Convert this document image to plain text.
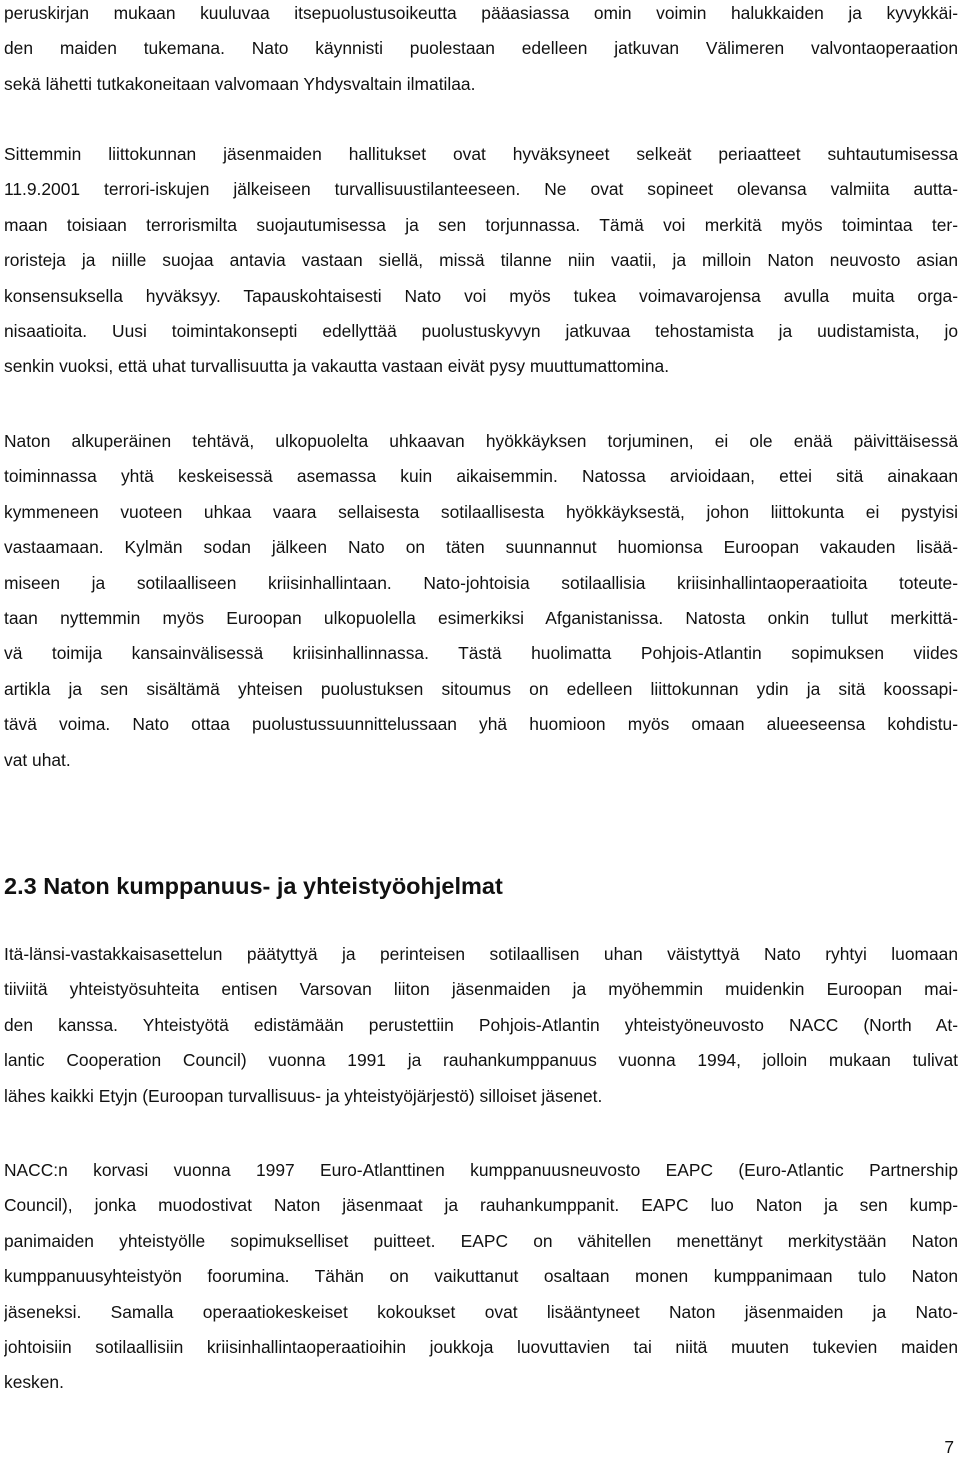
peruskirjan mukaan kuuluvaa itsepuolustusoikeutta pääasiassa omin voimin halukkaiden ja kyvykkäi-
den maiden tukemana. Nato käynnisti puolestaan edelleen jatkuvan Välimeren valvontaoperaation
sekä lähetti tutkakoneitaan valvomaan Yhdysvaltain ilmatilaa.
Sittemmin liittokunnan jäsenmaiden hallitukset ovat hyväksyneet selkeät periaatteet suhtautumisessa
11.9.2001 terrori-iskujen jälkeiseen turvallisuustilanteeseen. Ne ovat sopineet olevansa valmiita autta-
maan toisiaan terrorismilta suojautumisessa ja sen torjunnassa. Tämä voi merkitä myös toimintaa ter-
roristeja ja niille suojaa antavia vastaan siellä, missä tilanne niin vaatii, ja milloin Naton neuvosto asian
konsensuksella hyväksyy. Tapauskohtaisesti Nato voi myös tukea voimavarojensa avulla muita orga-
nisaatioita. Uusi toimintakonsepti edellyttää puolustuskyvyn jatkuvaa tehostamista ja uudistamista, jo
senkin vuoksi, että uhat turvallisuutta ja vakautta vastaan eivät pysy muuttumattomina.
Naton alkuperäinen tehtävä, ulkopuolelta uhkaavan hyökkäyksen torjuminen, ei ole enää päivittäisessä
toiminnassa yhtä keskeisessä asemassa kuin aikaisemmin. Natossa arvioidaan, ettei sitä ainakaan
kymmeneen vuoteen uhkaa vaara sellaisesta sotilaallisesta hyökkäyksestä, johon liittokunta ei pystyisi
vastaamaan. Kylmän sodan jälkeen Nato on täten suunnannut huomionsa Euroopan vakauden lisää-
miseen ja sotilaalliseen kriisinhallintaan. Nato-johtoisia sotilaallisia kriisinhallintaoperaatioita toteute-
taan nyttemmin myös Euroopan ulkopuolella esimerkiksi Afganistanissa. Natosta onkin tullut merkittä-
vä toimija kansainvälisessä kriisinhallinnassa. Tästä huolimatta Pohjois-Atlantin sopimuksen viides
artikla ja sen sisältämä yhteisen puolustuksen sitoumus on edelleen liittokunnan ydin ja sitä koossapi-
tävä voima. Nato ottaa puolustussuunnittelussaan yhä huomioon myös omaan alueeseensa kohdistu-
vat uhat.
2.3 Naton kumppanuus- ja yhteistyöohjelmat
Itä-länsi-vastakkaisasettelun päätyttyä ja perinteisen sotilaallisen uhan väistyttyä Nato ryhtyi luomaan
tiiviitä yhteistyösuhteita entisen Varsovan liiton jäsenmaiden ja myöhemmin muidenkin Euroopan mai-
den kanssa. Yhteistyötä edistämään perustettiin Pohjois-Atlantin yhteistyöneuvosto NACC (North At-
lantic Cooperation Council) vuonna 1991 ja rauhankumppanuus vuonna 1994, jolloin mukaan tulivat
lähes kaikki Etyjn (Euroopan turvallisuus- ja yhteistyöjärjestö) silloiset jäsenet.
NACC:n korvasi vuonna 1997 Euro-Atlanttinen kumppanuusneuvosto EAPC (Euro-Atlantic Partnership
Council), jonka muodostivat Naton jäsenmaat ja rauhankumppanit. EAPC luo Naton ja sen kump-
panimaiden yhteistyölle sopimukselliset puitteet. EAPC on vähitellen menettänyt merkitystään Naton
kumppanuusyhteistyön foorumina. Tähän on vaikuttanut osaltaan monen kumppanimaan tulo Naton
jäseneksi. Samalla operaatiokeskeiset kokoukset ovat lisääntyneet Naton jäsenmaiden ja Nato-
johtoisiin sotilaallisiin kriisinhallintaoperaatioihin joukkoja luovuttavien tai niitä muuten tukevien maiden
kesken.
7
